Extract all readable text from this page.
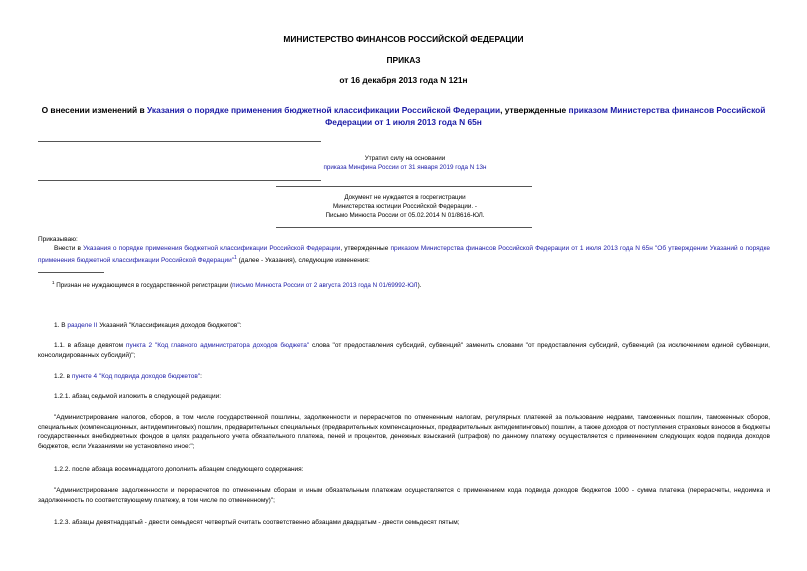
МИНИСТЕРСТВО ФИНАНСОВ РОССИЙСКОЙ ФЕДЕРАЦИИ
ПРИКАЗ
от 16 декабря 2013 года N 121н
О внесении изменений в Указания о порядке применения бюджетной классификации Российской Федерации, утвержденные приказом Министерства финансов Российской Федерации от 1 июля 2013 года N 65н
Утратил силу на основании
приказа Минфина России от 31 января 2019 года N 13н
Документ не нуждается в госрегистрации
Министерства юстиции Российской Федерации. -
Письмо Минюста России от 05.02.2014 N 01/8616-ЮЛ.
Приказываю:
Внести в Указания о порядке применения бюджетной классификации Российской Федерации, утвержденные приказом Министерства финансов Российской Федерации от 1 июля 2013 года N 65н "Об утверждении Указаний о порядке применения бюджетной классификации Российской Федерации"$^1$ (далее - Указания), следующие изменения:
$^1$ Признан не нуждающимся в государственной регистрации (письмо Минюста России от 2 августа 2013 года N 01/69992-ЮЛ).
1. В разделе II Указаний "Классификация доходов бюджетов":
1.1. в абзаце девятом пункта 2 "Код главного администратора доходов бюджета" слова "от предоставления субсидий, субвенций" заменить словами "от предоставления субсидий, субвенций (за исключением единой субвенции, консолидированных субсидий)";
1.2. в пункте 4 "Код подвида доходов бюджетов":
1.2.1. абзац седьмой изложить в следующей редакции:
"Администрирование налогов, сборов, в том числе государственной пошлины, задолженности и перерасчетов по отмененным налогам, регулярных платежей за пользование недрами, таможенных пошлин, таможенных сборов, специальных (компенсационных, антидемпинговых) пошлин, предварительных специальных (предварительных компенсационных, предварительных антидемпинговых) пошлин, а также доходов от поступления страховых взносов в бюджеты государственных внебюджетных фондов в целях раздельного учета обязательного платежа, пеней и процентов, денежных взысканий (штрафов) по данному платежу осуществляется с применением следующих кодов подвида доходов бюджетов, если Указаниями не установлено иное:";
1.2.2. после абзаца восемнадцатого дополнить абзацем следующего содержания:
"Администрирование задолженности и перерасчетов по отмененным сборам и иным обязательным платежам осуществляется с применением кода подвида доходов бюджетов 1000 - сумма платежа (перерасчеты, недоимка и задолженность по соответствующему платежу, в том числе по отмененному)";
1.2.3. абзацы девятнадцатый - двести семьдесят четвертый считать соответственно абзацами двадцатым - двести семьдесят пятым;
